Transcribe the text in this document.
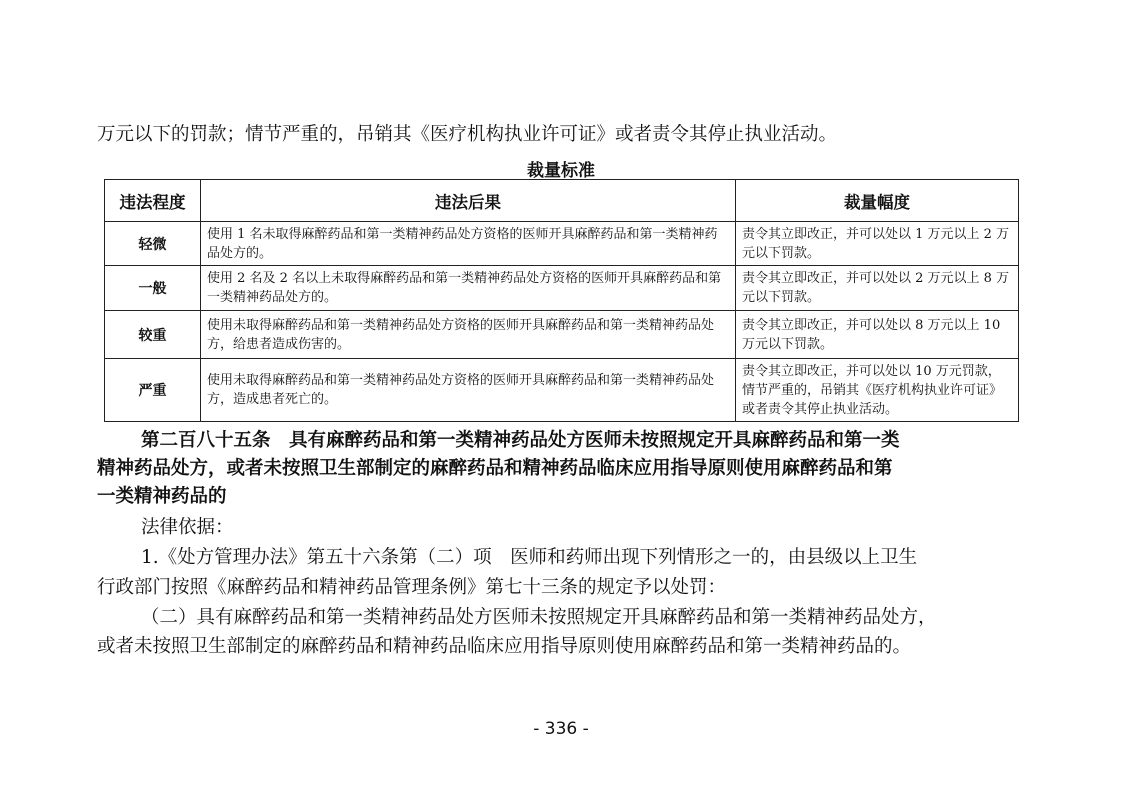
万元以下的罚款；情节严重的，吊销其《医疗机构执业许可证》或者责令其停止执业活动。
裁量标准
违法程度	违法后果	裁量幅度
轻微	使用 1 名未取得麻醉药品和第一类精神药品处方资格的医师开具麻醉药品和第一类精神药品处方的。	责令其立即改正，并可以处以 1 万元以上 2 万元以下罚款。
一般	使用 2 名及 2 名以上未取得麻醉药品和第一类精神药品处方资格的医师开具麻醉药品和第一类精神药品处方的。	责令其立即改正，并可以处以 2 万元以上 8 万元以下罚款。
较重	使用未取得麻醉药品和第一类精神药品处方资格的医师开具麻醉药品和第一类精神药品处方，给患者造成伤害的。	责令其立即改正，并可以处以 8 万元以上 10 万元以下罚款。
严重	使用未取得麻醉药品和第一类精神药品处方资格的医师开具麻醉药品和第一类精神药品处方，造成患者死亡的。	责令其立即改正，并可以处以 10 万元罚款，情节严重的，吊销其《医疗机构执业许可证》或者责令其停止执业活动。
第二百八十五条　具有麻醉药品和第一类精神药品处方医师未按照规定开具麻醉药品和第一类
精神药品处方，或者未按照卫生部制定的麻醉药品和精神药品临床应用指导原则使用麻醉药品和第
一类精神药品的
法律依据：
1.《处方管理办法》第五十六条第（二）项　医师和药师出现下列情形之一的，由县级以上卫生
行政部门按照《麻醉药品和精神药品管理条例》第七十三条的规定予以处罚：
（二）具有麻醉药品和第一类精神药品处方医师未按照规定开具麻醉药品和第一类精神药品处方，
或者未按照卫生部制定的麻醉药品和精神药品临床应用指导原则使用麻醉药品和第一类精神药品的。
- 336 -
